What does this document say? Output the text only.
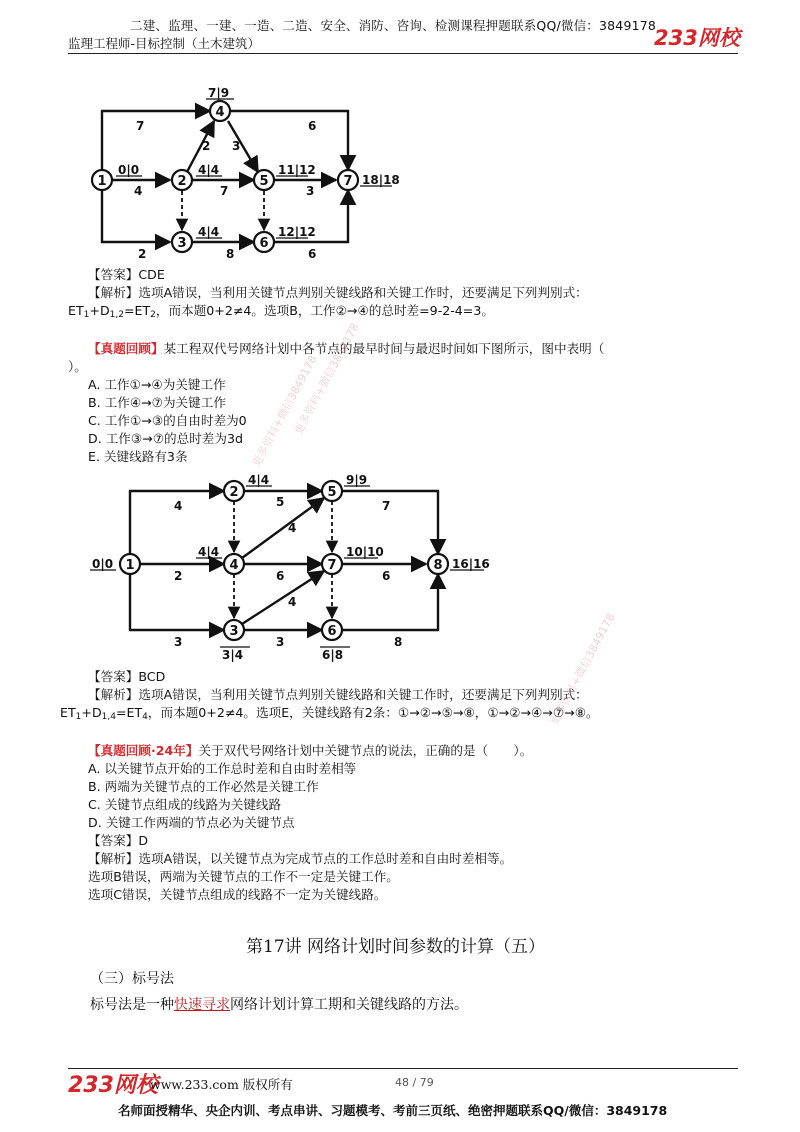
二建、监理、一建、一造、二造、安全、消防、咨询、检测课程押题联系QQ/微信：3849178
监理工程师-目标控制（土木建筑）	233网校
1	2
3
4
5
6
7
7|9
0|0	4|4	11|12
18|18
4|4	12|12
7
4
2
2 3
6
7	3
8	6
【答案】CDE
【解析】选项A错误，当利用关键节点判别关键线路和关键工作时，还要满足下列判别式：
$ET_1+D_{1,2}=ET_2$，而本题0+2≠4。选项B，工作②→④的总时差=9-2-4=3。
【真题回顾】某工程双代号网络计划中各节点的最早时间与最迟时间如下图所示，图中表明（
）。
A. 工作①→④为关键工作
B. 工作④→⑦为关键工作
C. 工作①→③的自由时差为0
D. 工作③→⑦的总时差为3d
E. 关键线路有3条
1
2
3
4
5
6
7	8
0|0
4|4
4|4
9|9
10|10
16|16
3|4	6|8
4	5	7
2	6	6
3	3	8
4
4
【答案】BCD
【解析】选项A错误，当利用关键节点判别关键线路和关键工作时，还要满足下列判别式：
$ET_1+D_{1,4}=ET_4$，而本题0+2≠4。选项E，关键线路有2条：①→②→⑤→⑧，①→②→④→⑦→⑧。
【真题回顾·24年】关于双代号网络计划中关键节点的说法，正确的是（　　）。
A. 以关键节点开始的工作总时差和自由时差相等
B. 两端为关键节点的工作必然是关键工作
C. 关键节点组成的线路为关键线路
D. 关键工作两端的节点必为关键节点
【答案】D
【解析】选项A错误，以关键节点为完成节点的工作总时差和自由时差相等。
选项B错误，两端为关键节点的工作不一定是关键工作。
选项C错误，关键节点组成的线路不一定为关键线路。
第17讲 网络计划时间参数的计算（五）
（三）标号法
标号法是一种快速寻求网络计划计算工期和关键线路的方法。
更多资料+微信3849178
更多资料+微信3849178
更多资料+微信3849178
233网校
www.233.com 版权所有	48 / 79
名师面授精华、央企内训、考点串讲、习题模考、考前三页纸、绝密押题联系QQ/微信：3849178
